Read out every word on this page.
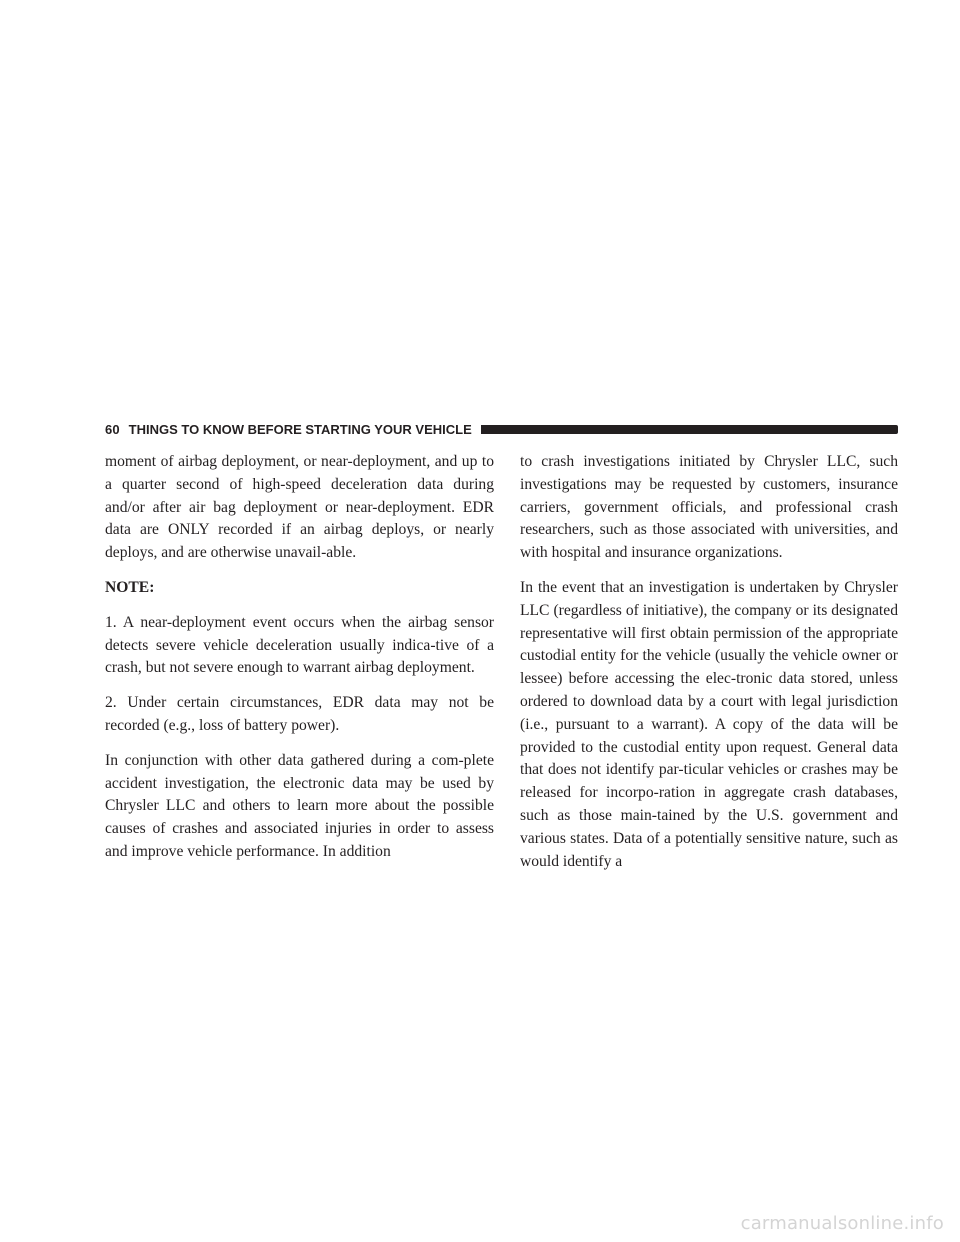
60 THINGS TO KNOW BEFORE STARTING YOUR VEHICLE

moment of airbag deployment, or near-deployment, and up to a quarter second of high-speed deceleration data during and/or after air bag deployment or near-deployment. EDR data are ONLY recorded if an airbag deploys, or nearly deploys, and are otherwise unavail-able.

NOTE:

1. A near-deployment event occurs when the airbag sensor detects severe vehicle deceleration usually indica-tive of a crash, but not severe enough to warrant airbag deployment.

2. Under certain circumstances, EDR data may not be recorded (e.g., loss of battery power).

In conjunction with other data gathered during a com-plete accident investigation, the electronic data may be used by Chrysler LLC and others to learn more about the possible causes of crashes and associated injuries in order to assess and improve vehicle performance. In addition

to crash investigations initiated by Chrysler LLC, such investigations may be requested by customers, insurance carriers, government officials, and professional crash researchers, such as those associated with universities, and with hospital and insurance organizations.

In the event that an investigation is undertaken by Chrysler LLC (regardless of initiative), the company or its designated representative will first obtain permission of the appropriate custodial entity for the vehicle (usually the vehicle owner or lessee) before accessing the elec-tronic data stored, unless ordered to download data by a court with legal jurisdiction (i.e., pursuant to a warrant). A copy of the data will be provided to the custodial entity upon request. General data that does not identify par-ticular vehicles or crashes may be released for incorpo-ration in aggregate crash databases, such as those main-tained by the U.S. government and various states. Data of a potentially sensitive nature, such as would identify a

carmanualsonline.info
